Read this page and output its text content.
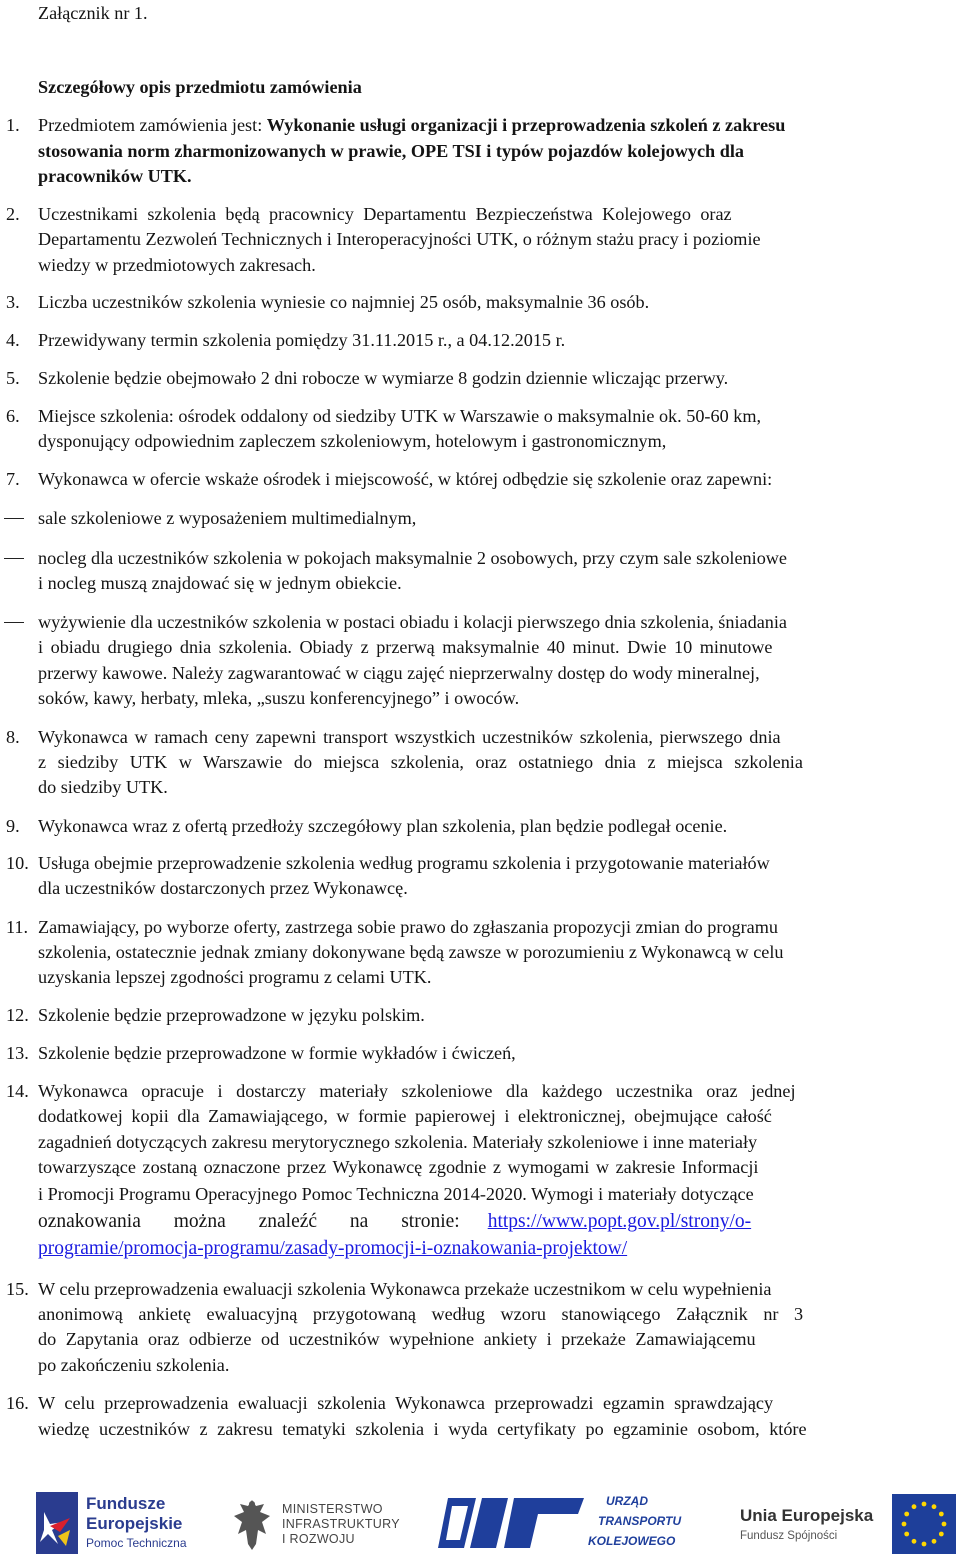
Załącznik nr 1.
Szczegółowy opis przedmiotu zamówienia
1. Przedmiotem zamówienia jest: Wykonanie usługi organizacji i przeprowadzenia szkoleń z zakresu
stosowania norm zharmonizowanych w prawie, OPE TSI i typów pojazdów kolejowych dla
pracowników UTK.
2. Uczestnikami szkolenia będą pracownicy Departamentu Bezpieczeństwa Kolejowego oraz
Departamentu Zezwoleń Technicznych i Interoperacyjności UTK, o różnym stażu pracy i poziomie
wiedzy w przedmiotowych zakresach.
3. Liczba uczestników szkolenia wyniesie co najmniej 25 osób, maksymalnie 36 osób.
4. Przewidywany termin szkolenia pomiędzy 31.11.2015 r., a 04.12.2015 r.
5. Szkolenie będzie obejmowało 2 dni robocze w wymiarze 8 godzin dziennie wliczając przerwy.
6. Miejsce szkolenia: ośrodek oddalony od siedziby UTK w Warszawie o maksymalnie ok. 50-60 km,
dysponujący odpowiednim zapleczem szkoleniowym, hotelowym i gastronomicznym,
7. Wykonawca w ofercie wskaże ośrodek i miejscowość, w której odbędzie się szkolenie oraz zapewni:
sale szkoleniowe z wyposażeniem multimedialnym,
nocleg dla uczestników szkolenia w pokojach maksymalnie 2 osobowych, przy czym sale szkoleniowe
i nocleg muszą znajdować się w jednym obiekcie.
wyżywienie dla uczestników szkolenia w postaci obiadu i kolacji pierwszego dnia szkolenia, śniadania
i obiadu drugiego dnia szkolenia. Obiady z przerwą maksymalnie 40 minut. Dwie 10 minutowe
przerwy kawowe. Należy zagwarantować w ciągu zajęć nieprzerwalny dostęp do wody mineralnej,
soków, kawy, herbaty, mleka, „suszu konferencyjnego” i owoców.
8. Wykonawca w ramach ceny zapewni transport wszystkich uczestników szkolenia, pierwszego dnia
z siedziby UTK w Warszawie do miejsca szkolenia, oraz ostatniego dnia z miejsca szkolenia
do siedziby UTK.
9. Wykonawca wraz z ofertą przedłoży szczegółowy plan szkolenia, plan będzie podlegał ocenie.
10. Usługa obejmie przeprowadzenie szkolenia według programu szkolenia i przygotowanie materiałów
dla uczestników dostarczonych przez Wykonawcę.
11. Zamawiający, po wyborze oferty, zastrzega sobie prawo do zgłaszania propozycji zmian do programu
szkolenia, ostatecznie jednak zmiany dokonywane będą zawsze w porozumieniu z Wykonawcą w celu
uzyskania lepszej zgodności programu z celami UTK.
12. Szkolenie będzie przeprowadzone w języku polskim.
13. Szkolenie będzie przeprowadzone w formie wykładów i ćwiczeń,
14. Wykonawca opracuje i dostarczy materiały szkoleniowe dla każdego uczestnika oraz jednej
dodatkowej kopii dla Zamawiającego, w formie papierowej i elektronicznej, obejmujące całość
zagadnień dotyczących zakresu merytorycznego szkolenia. Materiały szkoleniowe i inne materiały
towarzyszące zostaną oznaczone przez Wykonawcę zgodnie z wymogami w zakresie Informacji
i Promocji Programu Operacyjnego Pomoc Techniczna 2014-2020. Wymogi i materiały dotyczące
oznakowania można znaleźć na stronie: https://www.popt.gov.pl/strony/o-
programie/promocja-programu/zasady-promocji-i-oznakowania-projektow/
15. W celu przeprowadzenia ewaluacji szkolenia Wykonawca przekaże uczestnikom w celu wypełnienia
anonimową ankietę ewaluacyjną przygotowaną według wzoru stanowiącego Załącznik nr 3
do Zapytania oraz odbierze od uczestników wypełnione ankiety i przekaże Zamawiającemu
po zakończeniu szkolenia.
16. W celu przeprowadzenia ewaluacji szkolenia Wykonawca przeprowadzi egzamin sprawdzający
wiedzę uczestników z zakresu tematyki szkolenia i wyda certyfikaty po egzaminie osobom, które
Fundusze
Europejskie
Pomoc Techniczna
MINISTERSTWO
INFRASTRUKTURY
I ROZWOJU
URZĄD
TRANSPORTU
KOLEJOWEGO
Unia Europejska
Fundusz Spójności
